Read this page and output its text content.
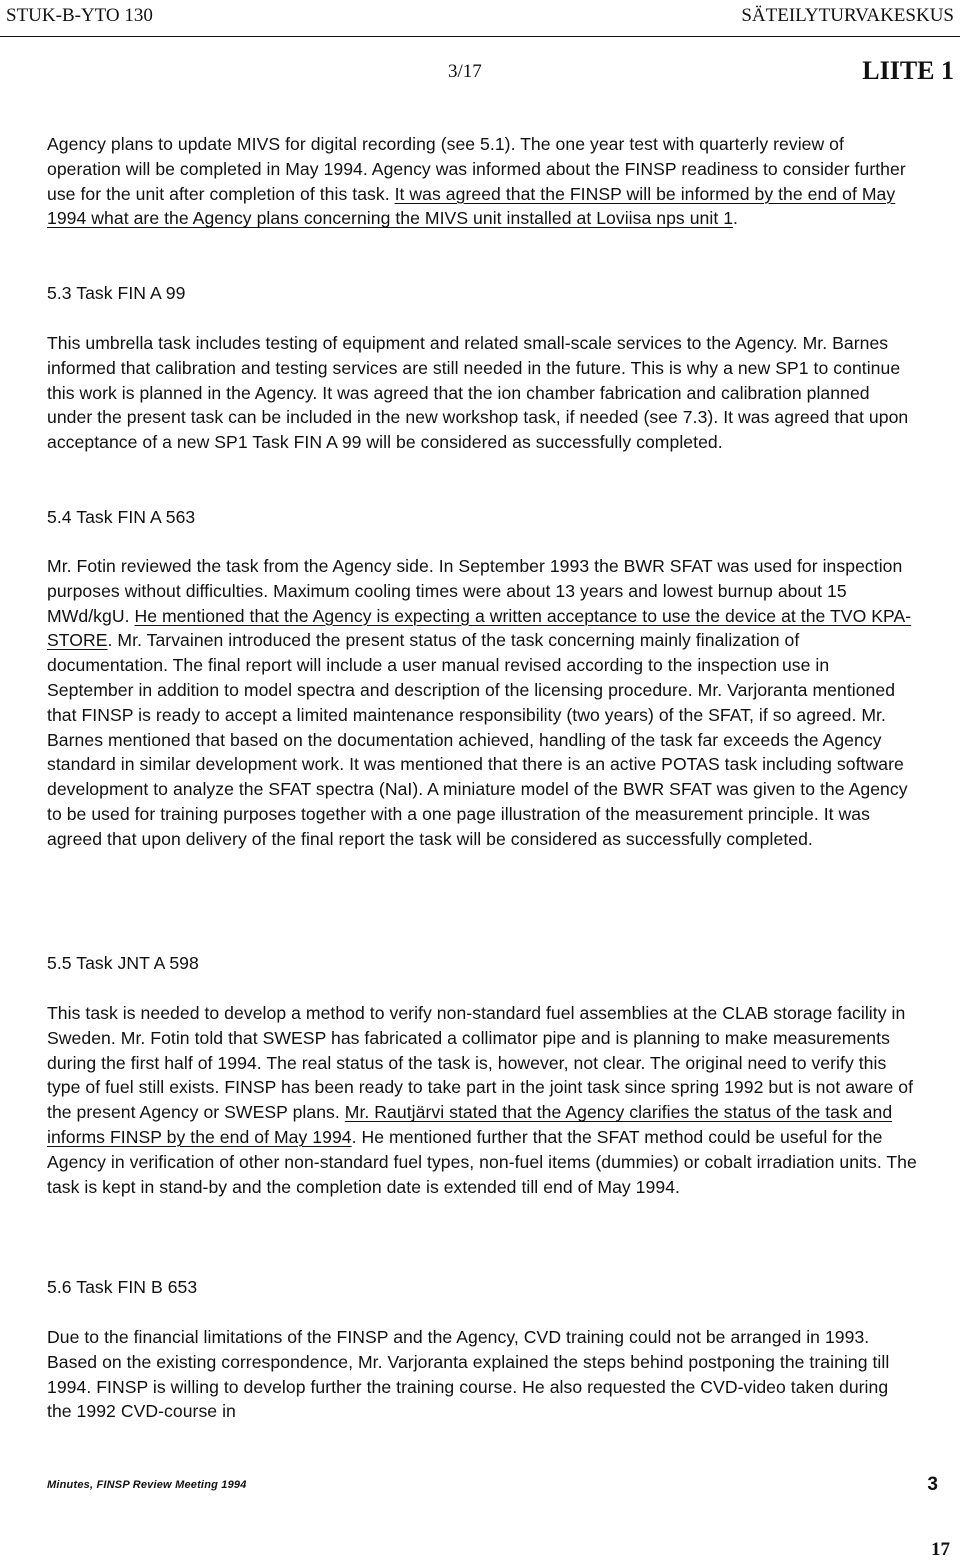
STUK-B-YTO 130	SÄTEILYTURVAKESKUS
3/17	LIITE 1

Agency plans to update MIVS for digital recording (see 5.1). The one year test with quarterly review of operation will be completed in May 1994. Agency was informed about the FINSP readiness to consider further use for the unit after completion of this task. It was agreed that the FINSP will be informed by the end of May 1994 what are the Agency plans concerning the MIVS unit installed at Loviisa nps unit 1.

5.3 Task FIN A 99

This umbrella task includes testing of equipment and related small-scale services to the Agency. Mr. Barnes informed that calibration and testing services are still needed in the future. This is why a new SP1 to continue this work is planned in the Agency. It was agreed that the ion chamber fabrication and calibration planned under the present task can be included in the new workshop task, if needed (see 7.3). It was agreed that upon acceptance of a new SP1 Task FIN A 99 will be considered as successfully completed.

5.4 Task FIN A 563

Mr. Fotin reviewed the task from the Agency side. In September 1993 the BWR SFAT was used for inspection purposes without difficulties. Maximum cooling times were about 13 years and lowest burnup about 15 MWd/kgU. He mentioned that the Agency is expecting a written acceptance to use the device at the TVO KPA-STORE. Mr. Tarvainen introduced the present status of the task concerning mainly finalization of documentation. The final report will include a user manual revised according to the inspection use in September in addition to model spectra and description of the licensing procedure. Mr. Varjoranta mentioned that FINSP is ready to accept a limited maintenance responsibility (two years) of the SFAT, if so agreed. Mr. Barnes mentioned that based on the documentation achieved, handling of the task far exceeds the Agency standard in similar development work. It was mentioned that there is an active POTAS task including software development to analyze the SFAT spectra (NaI). A miniature model of the BWR SFAT was given to the Agency to be used for training purposes together with a one page illustration of the measurement principle. It was agreed that upon delivery of the final report the task will be considered as successfully completed.

5.5 Task JNT A 598

This task is needed to develop a method to verify non-standard fuel assemblies at the CLAB storage facility in Sweden. Mr. Fotin told that SWESP has fabricated a collimator pipe and is planning to make measurements during the first half of 1994. The real status of the task is, however, not clear. The original need to verify this type of fuel still exists. FINSP has been ready to take part in the joint task since spring 1992 but is not aware of the present Agency or SWESP plans. Mr. Rautjärvi stated that the Agency clarifies the status of the task and informs FINSP by the end of May 1994. He mentioned further that the SFAT method could be useful for the Agency in verification of other non-standard fuel types, non-fuel items (dummies) or cobalt irradiation units. The task is kept in stand-by and the completion date is extended till end of May 1994.

5.6 Task FIN B 653

Due to the financial limitations of the FINSP and the Agency, CVD training could not be arranged in 1993. Based on the existing correspondence, Mr. Varjoranta explained the steps behind postponing the training till 1994. FINSP is willing to develop further the training course. He also requested the CVD-video taken during the 1992 CVD-course in

Minutes, FINSP Review Meeting 1994	3
17
